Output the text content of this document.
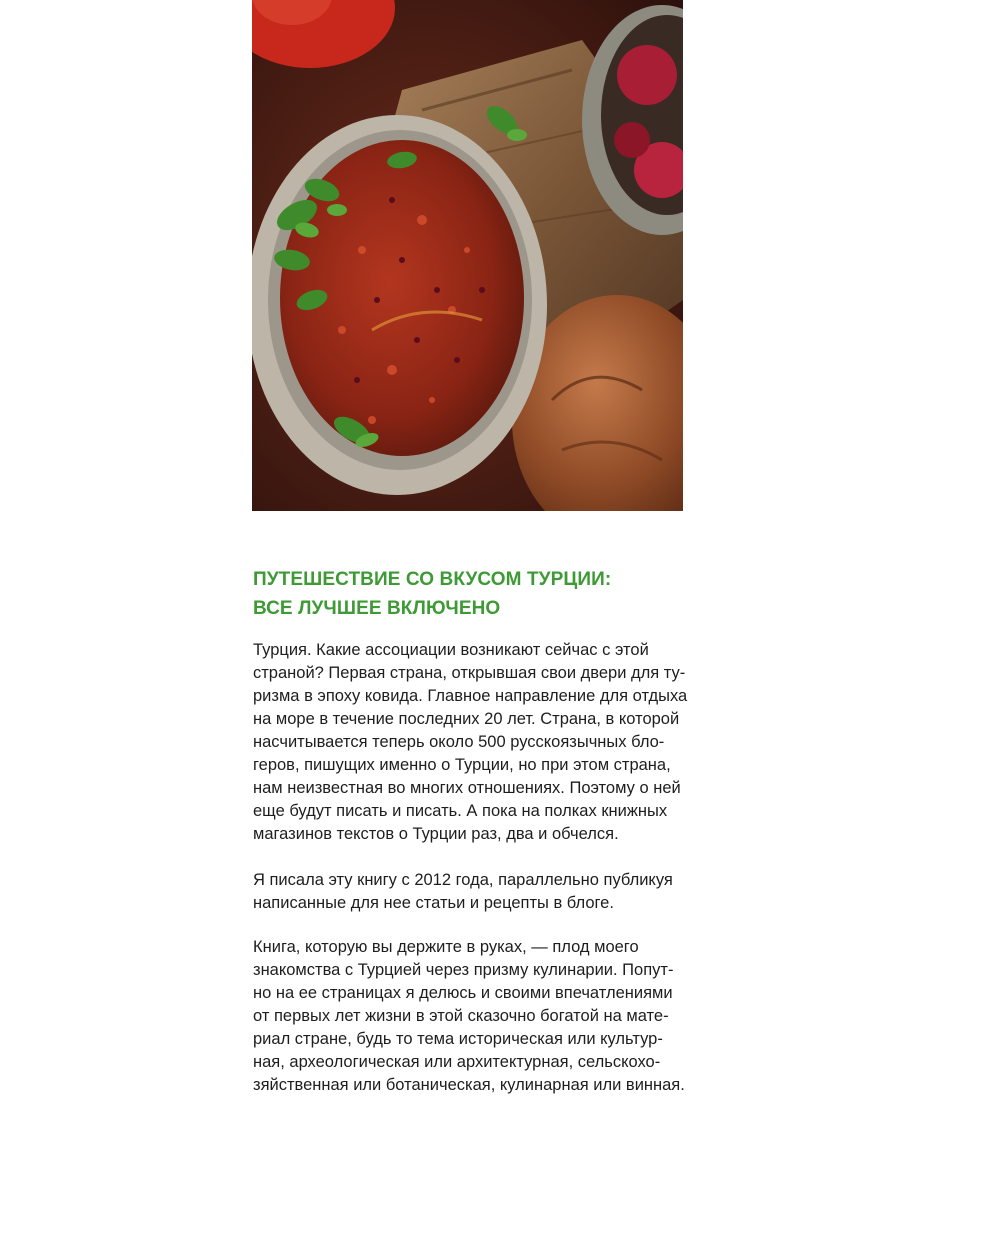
ПУТЕШЕСТВИЕ СО ВКУСОМ ТУРЦИИ:
ВСЕ ЛУЧШЕЕ ВКЛЮЧЕНО

Турция. Какие ассоциации возникают сейчас с этой
страной? Первая страна, открывшая свои двери для ту-
ризма в эпоху ковида. Главное направление для отдыха
на море в течение последних 20 лет. Страна, в которой
насчитывается теперь около 500 русскоязычных бло-
геров, пишущих именно о Турции, но при этом страна,
нам неизвестная во многих отношениях. Поэтому о ней
еще будут писать и писать. А пока на полках книжных
магазинов текстов о Турции раз, два и обчелся.

Я писала эту книгу с 2012 года, параллельно публикуя
написанные для нее статьи и рецепты в блоге.

Книга, которую вы держите в руках, — плод моего
знакомства с Турцией через призму кулинарии. Попут-
но на ее страницах я делюсь и своими впечатлениями
от первых лет жизни в этой сказочно богатой на мате-
риал стране, будь то тема историческая или культур-
ная, археологическая или архитектурная, сельскохо-
зяйственная или ботаническая, кулинарная или винная.
